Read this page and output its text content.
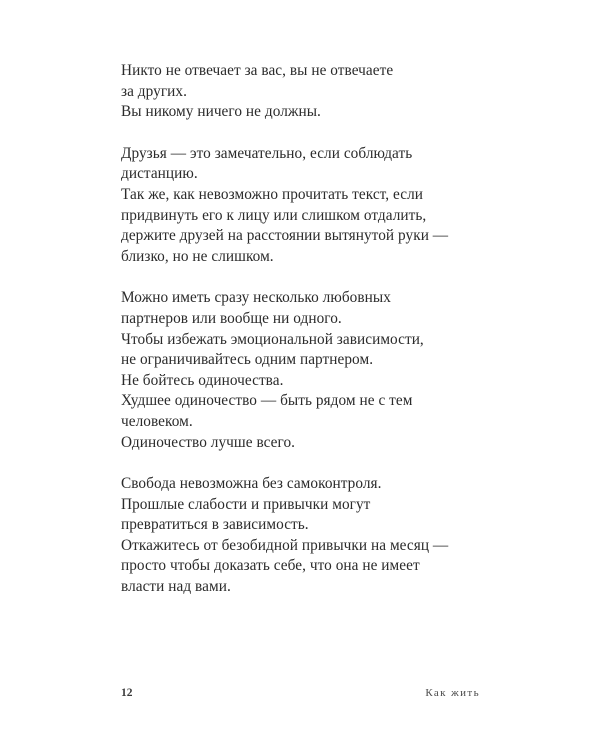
Никто не отвечает за вас, вы не отвечаете
за других.
Вы никому ничего не должны.
Друзья — это замечательно, если соблюдать
дистанцию.
Так же, как невозможно прочитать текст, если
придвинуть его к лицу или слишком отдалить,
держите друзей на расстоянии вытянутой руки —
близко, но не слишком.
Можно иметь сразу несколько любовных
партнеров или вообще ни одного.
Чтобы избежать эмоциональной зависимости,
не ограничивайтесь одним партнером.
Не бойтесь одиночества.
Худшее одиночество — быть рядом не с тем
человеком.
Одиночество лучше всего.
Свобода невозможна без самоконтроля.
Прошлые слабости и привычки могут
превратиться в зависимость.
Откажитесь от безобидной привычки на месяц —
просто чтобы доказать себе, что она не имеет
власти над вами.
12	Как жить
